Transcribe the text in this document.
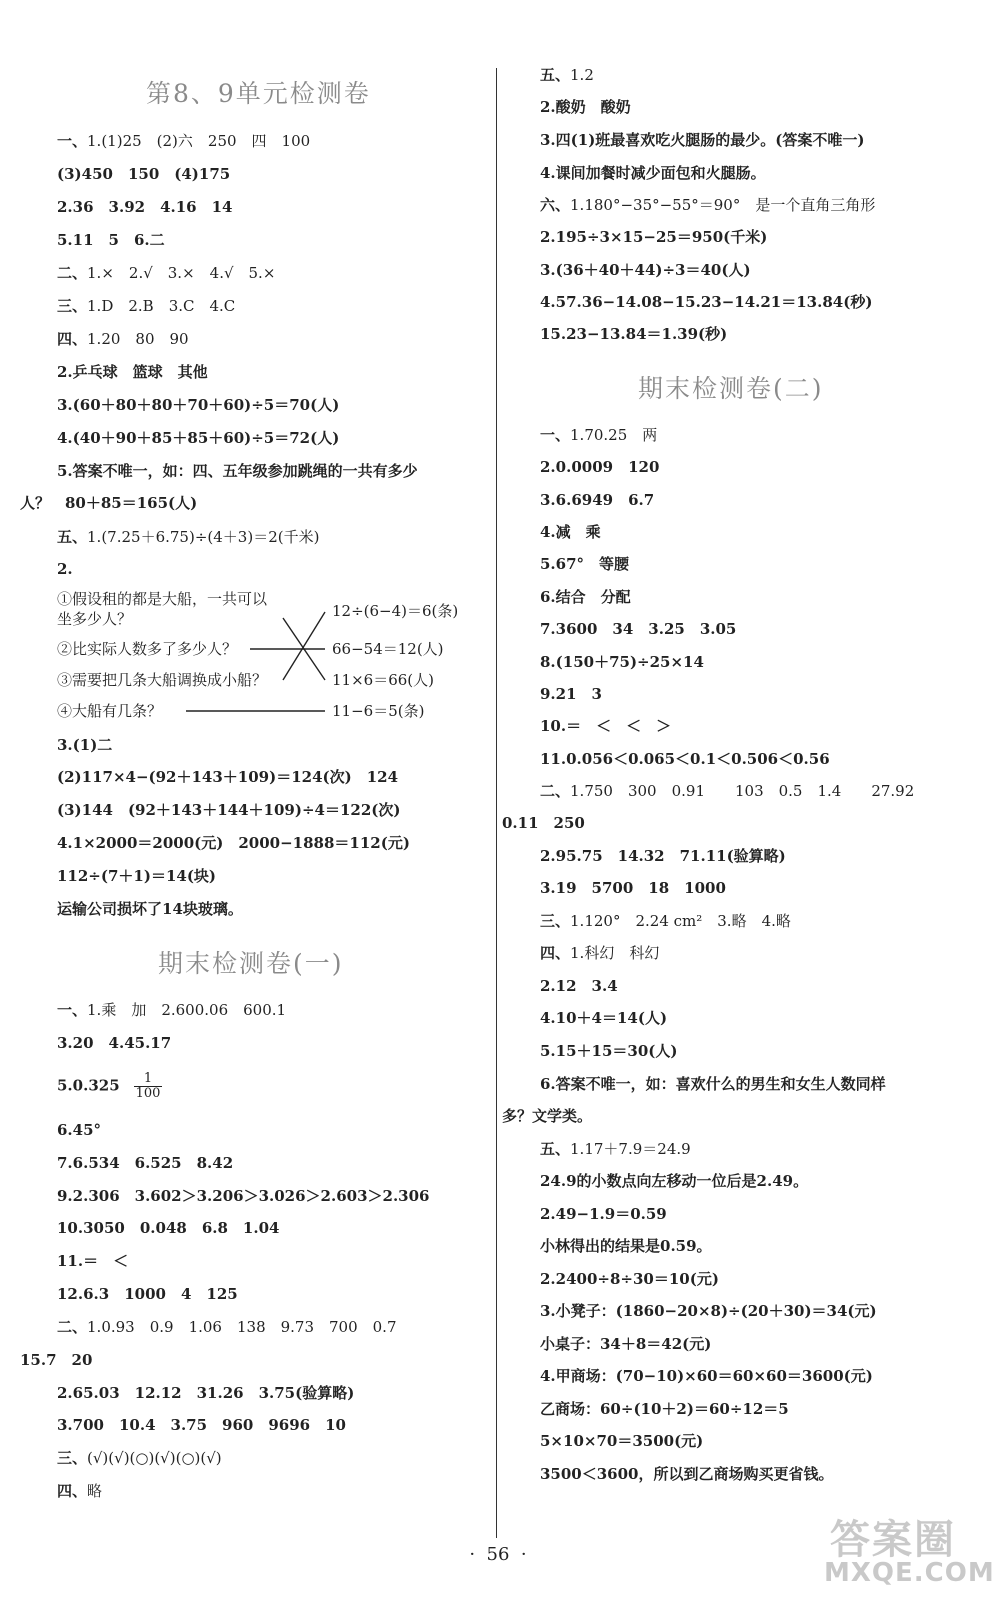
第8、9单元检测卷
一、1.(1)25　(2)六　250　四　100
(3)450　150　(4)175
2.36　3.92　4.16　14
5.11　5　6.二
二、1.×　2.√　3.×　4.√　5.×
三、1.D　2.B　3.C　4.C
四、1.20　80　90
2.乒乓球　篮球　其他
3.(60＋80＋80＋70＋60)÷5＝70(人)
4.(40＋90＋85＋85＋60)÷5＝72(人)
5.答案不唯一，如：四、五年级参加跳绳的一共有多少
人？　80＋85＝165(人)
五、1.(7.25＋6.75)÷(4＋3)＝2(千米)
2.
①假设租的都是大船，一共可以
坐多少人？
②比实际人数多了多少人？
③需要把几条大船调换成小船？
④大船有几条？
12÷(6−4)＝6(条)
66−54＝12(人)
11×6＝66(人)
11−6＝5(条)
3.(1)二
(2)117×4−(92＋143＋109)＝124(次)　124
(3)144　(92＋143＋144＋109)÷4＝122(次)
4.1×2000＝2000(元)　2000−1888＝112(元)
112÷(7＋1)＝14(块)
运输公司损坏了14块玻璃。
期末检测卷(一)
一、1.乘　加　2.600.06　600.1
3.20　4.45.17
$5.0.325 \frac{1}{100}$
6.45°
7.6.534　6.525　8.42
9.2.306　3.602＞3.206＞3.026＞2.603＞2.306
10.3050　0.048　6.8　1.04
11.＝　＜
12.6.3　1000　4　125
二、1.0.93　0.9　1.06　138　9.73　700　0.7
15.7　20
2.65.03　12.12　31.26　3.75(验算略)
3.700　10.4　3.75　960　9696　10
三、(√)(√)(○)(√)(○)(√)
四、略
五、1.2
2.酸奶　酸奶
3.四(1)班最喜欢吃火腿肠的最少。(答案不唯一)
4.课间加餐时减少面包和火腿肠。
六、1.180°−35°−55°＝90°　是一个直角三角形
2.195÷3×15−25＝950(千米)
3.(36＋40＋44)÷3＝40(人)
4.57.36−14.08−15.23−14.21＝13.84(秒)
15.23−13.84＝1.39(秒)
期末检测卷(二)
一、1.70.25　两
2.0.0009　120
3.6.6949　6.7
4.减　乘
5.67°　等腰
6.结合　分配
7.3600　34　3.25　3.05
8.(150＋75)÷25×14
9.21　3
10.＝　＜　＜　＞
11.0.056＜0.065＜0.1＜0.506＜0.56
二、1.750　300　0.91　　103　0.5　1.4　　27.92
0.11　250
2.95.75　14.32　71.11(验算略)
3.19　5700　18　1000
三、1.120°　2.24 cm²　3.略　4.略
四、1.科幻　科幻
2.12　3.4
4.10＋4＝14(人)
5.15＋15＝30(人)
6.答案不唯一，如：喜欢什么的男生和女生人数同样
多？文学类。
五、1.17＋7.9＝24.9
24.9的小数点向左移动一位后是2.49。
2.49−1.9＝0.59
小林得出的结果是0.59。
2.2400÷8÷30＝10(元)
3.小凳子：(1860−20×8)÷(20＋30)＝34(元)
小桌子：34＋8＝42(元)
4.甲商场：(70−10)×60＝60×60＝3600(元)
乙商场：60÷(10＋2)＝60÷12＝5
5×10×70＝3500(元)
3500＜3600，所以到乙商场购买更省钱。
·  56  ·	答案圈
MXQE.COM
